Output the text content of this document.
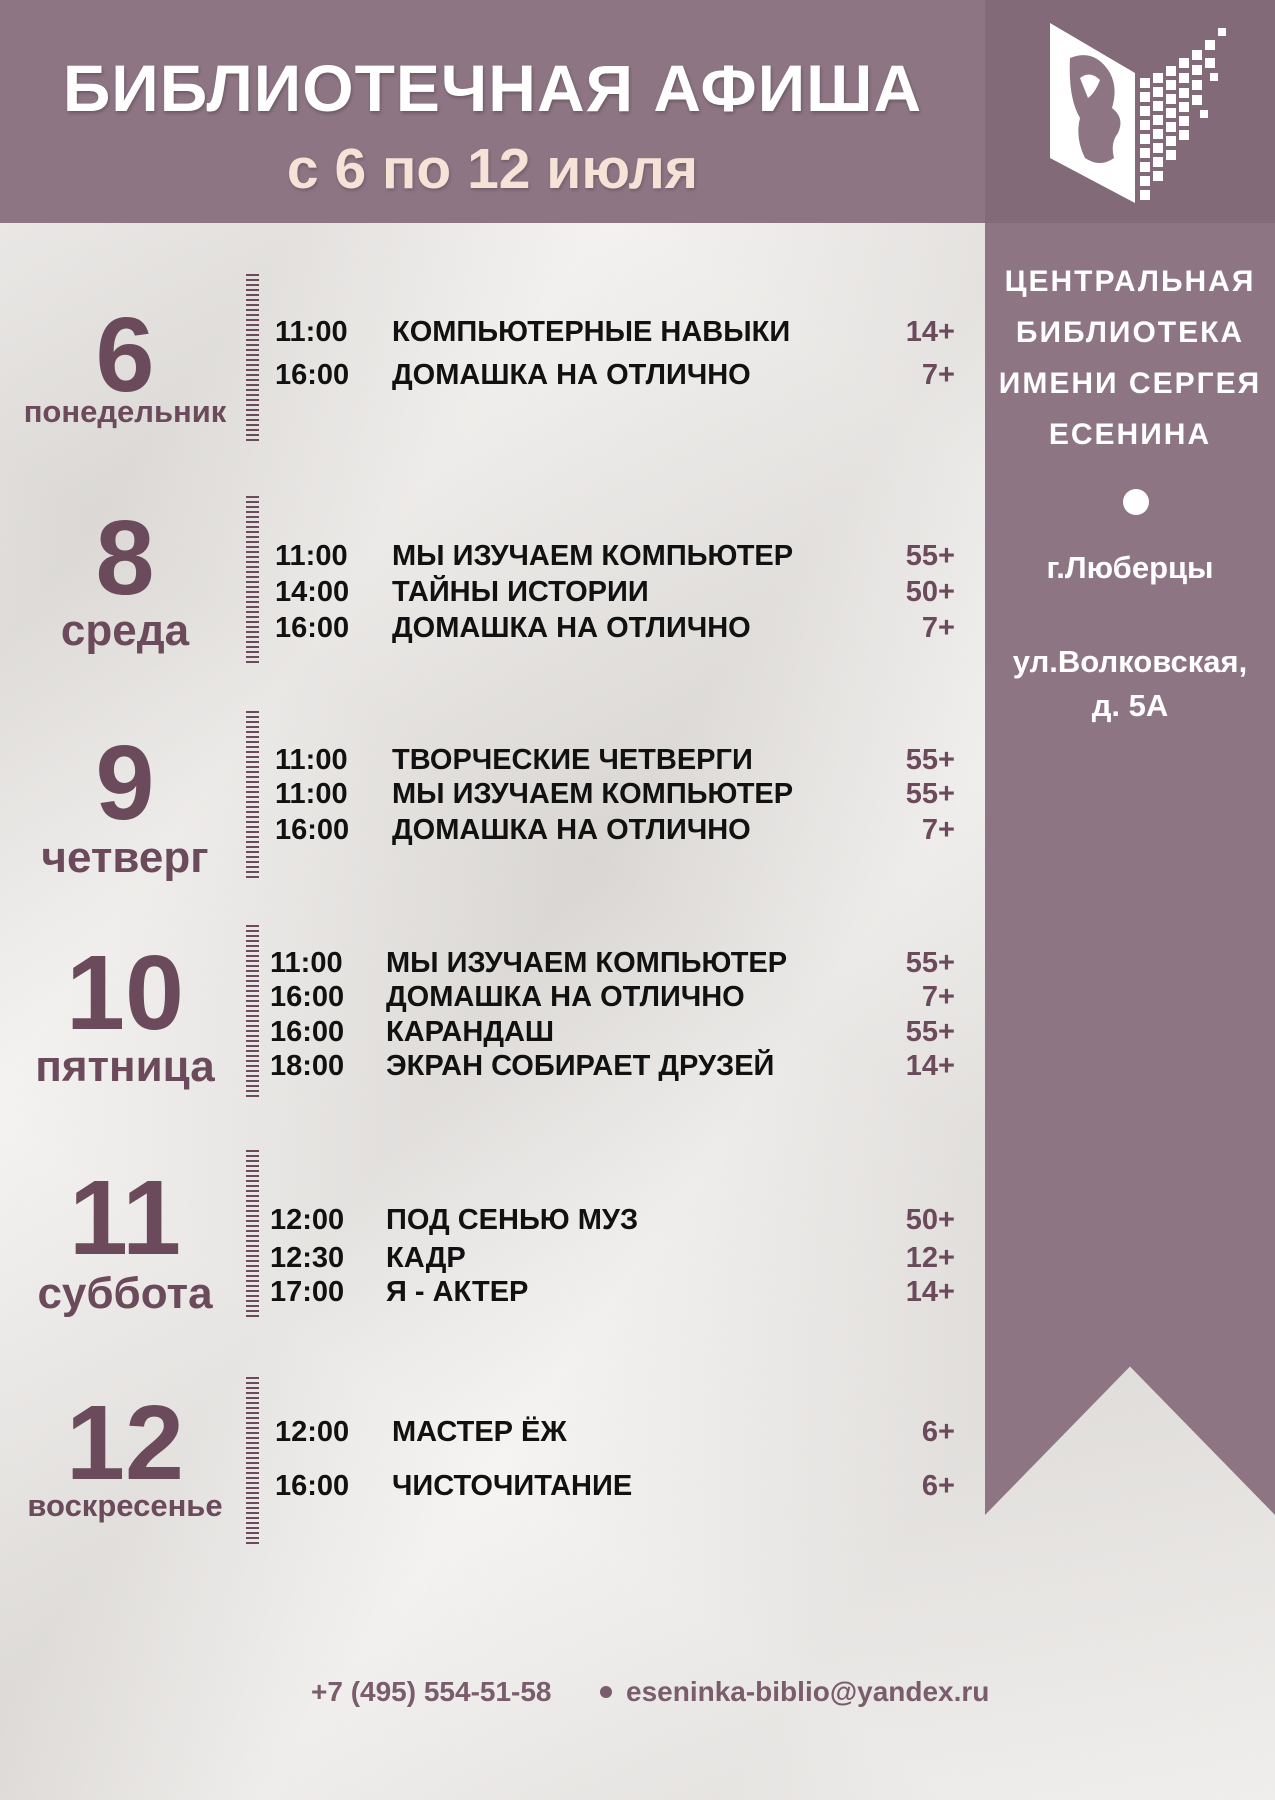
БИБЛИОТЕЧНАЯ АФИША
с 6 по 12 июля
ЦЕНТРАЛЬНАЯ
БИБЛИОТЕКА
ИМЕНИ СЕРГЕЯ
ЕСЕНИНА
г.Люберцы
ул.Волковская,
д. 5А
6
понедельник
11:00 КОМПЬЮТЕРНЫЕ НАВЫКИ	14+
16:00 ДОМАШКА НА ОТЛИЧНО	7+
8
среда
11:00 МЫ ИЗУЧАЕМ КОМПЬЮТЕР	55+
14:00 ТАЙНЫ ИСТОРИИ	50+
16:00 ДОМАШКА НА ОТЛИЧНО	7+
9
четверг
11:00 ТВОРЧЕСКИЕ ЧЕТВЕРГИ	55+
11:00 МЫ ИЗУЧАЕМ КОМПЬЮТЕР	55+
16:00 ДОМАШКА НА ОТЛИЧНО	7+
10
пятница
11:00 МЫ ИЗУЧАЕМ КОМПЬЮТЕР	55+
16:00 ДОМАШКА НА ОТЛИЧНО	7+
16:00 КАРАНДАШ	55+
18:00 ЭКРАН СОБИРАЕТ ДРУЗЕЙ	14+
11
суббота
12:00 ПОД СЕНЬЮ МУЗ	50+
12:30 КАДР	12+
17:00 Я - АКТЕР	14+
12
воскресенье
12:00 МАСТЕР ЁЖ	6+
16:00 ЧИСТОЧИТАНИЕ	6+
+7 (495) 554-51-58	eseninka-biblio@yandex.ru
